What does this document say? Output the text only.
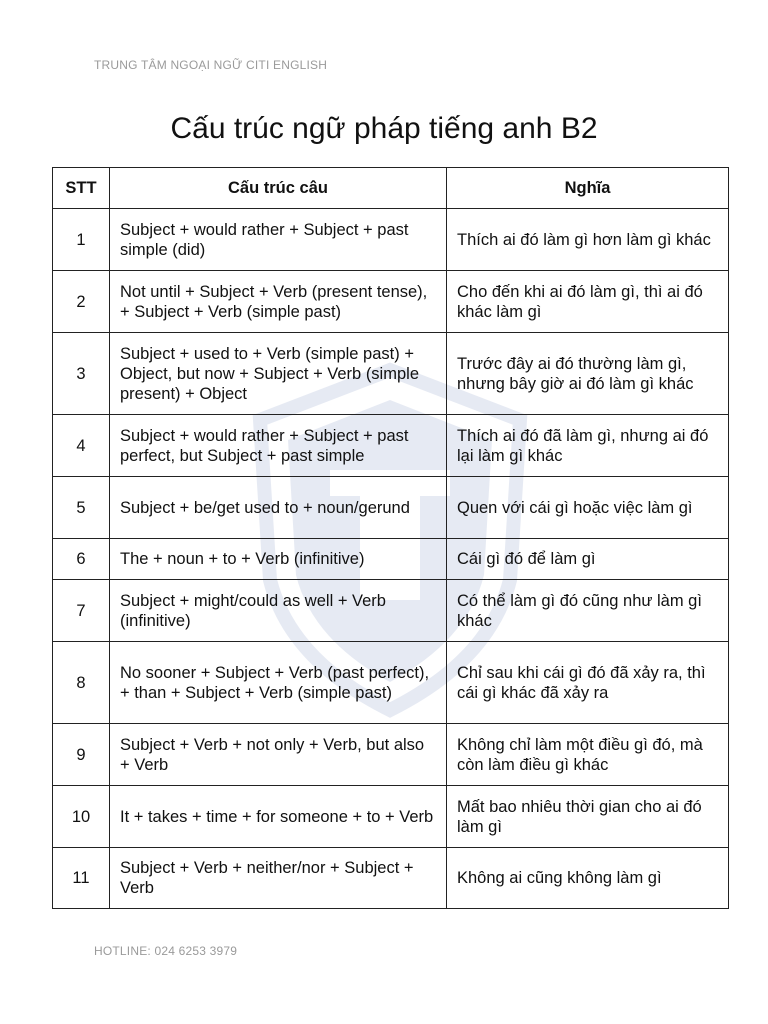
TRUNG TÂM NGOẠI NGỮ CITI ENGLISH
Cấu trúc ngữ pháp tiếng anh B2
STT	Cấu trúc câu	Nghĩa
1	Subject + would rather + Subject + past simple (did)	Thích ai đó làm gì hơn làm gì khác
2	Not until + Subject + Verb (present tense), + Subject + Verb (simple past)	Cho đến khi ai đó làm gì, thì ai đó khác làm gì
3	Subject + used to + Verb (simple past) + Object, but now + Subject + Verb (simple present) + Object	Trước đây ai đó thường làm gì, nhưng bây giờ ai đó làm gì khác
4	Subject + would rather + Subject + past perfect, but Subject + past simple	Thích ai đó đã làm gì, nhưng ai đó lại làm gì khác
5	Subject + be/get used to + noun/gerund	Quen với cái gì hoặc việc làm gì
6	The + noun + to + Verb (infinitive)	Cái gì đó để làm gì
7	Subject + might/could as well + Verb (infinitive)	Có thể làm gì đó cũng như làm gì khác
8	No sooner + Subject + Verb (past perfect), + than + Subject + Verb (simple past)	Chỉ sau khi cái gì đó đã xảy ra, thì cái gì khác đã xảy ra
9	Subject + Verb + not only + Verb, but also + Verb	Không chỉ làm một điều gì đó, mà còn làm điều gì khác
10	It + takes + time + for someone + to + Verb	Mất bao nhiêu thời gian cho ai đó làm gì
11	Subject + Verb + neither/nor + Subject + Verb	Không ai cũng không làm gì
HOTLINE: 024 6253 3979
